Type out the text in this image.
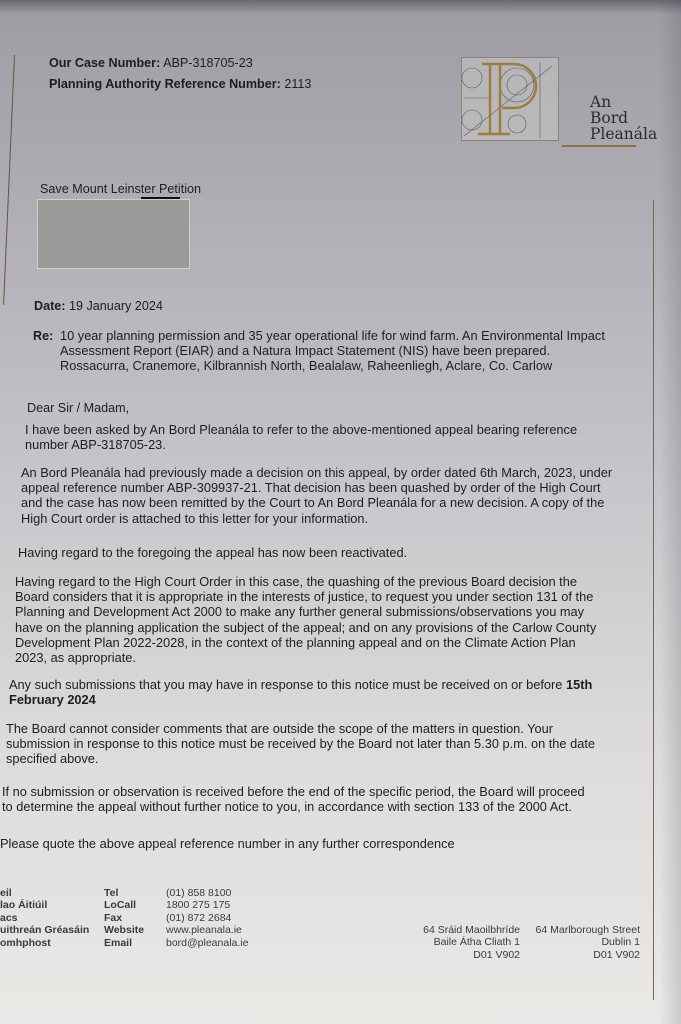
Our Case Number: ABP-318705-23
Planning Authority Reference Number: 2113
An
Bord
Pleanála
Save Mount Leinster Petition
Date: 19 January 2024
Re: 10 year planning permission and 35 year operational life for wind farm. An Environmental Impact
Assessment Report (EIAR) and a Natura Impact Statement (NIS) have been prepared.
Rossacurra, Cranemore, Kilbrannish North, Bealalaw, Raheenliegh, Aclare, Co. Carlow
Dear Sir / Madam,
I have been asked by An Bord Pleanála to refer to the above-mentioned appeal bearing reference
number ABP-318705-23.
An Bord Pleanála had previously made a decision on this appeal, by order dated 6th March, 2023, under
appeal reference number ABP-309937-21. That decision has been quashed by order of the High Court
and the case has now been remitted by the Court to An Bord Pleanála for a new decision. A copy of the
High Court order is attached to this letter for your information.
Having regard to the foregoing the appeal has now been reactivated.
Having regard to the High Court Order in this case, the quashing of the previous Board decision the
Board considers that it is appropriate in the interests of justice, to request you under section 131 of the
Planning and Development Act 2000 to make any further general submissions/observations you may
have on the planning application the subject of the appeal; and on any provisions of the Carlow County
Development Plan 2022-2028, in the context of the planning appeal and on the Climate Action Plan
2023, as appropriate.
Any such submissions that you may have in response to this notice must be received on or before 15th
February 2024
The Board cannot consider comments that are outside the scope of the matters in question. Your
submission in response to this notice must be received by the Board not later than 5.30 p.m. on the date
specified above.
If no submission or observation is received before the end of the specific period, the Board will proceed
to determine the appeal without further notice to you, in accordance with section 133 of the 2000 Act.
Please quote the above appeal reference number in any further correspondence
eil
lao Áitiúil
acs
uithreán Gréasáin
omhphost
Tel
LoCall
Fax
Website
Email
(01) 858 8100
1800 275 175
(01) 872 2684
www.pleanala.ie
bord@pleanala.ie
64 Sráid Maoilbhríde
Baile Átha Cliath 1
D01 V902
64 Marlborough Street
Dublin 1
D01 V902
